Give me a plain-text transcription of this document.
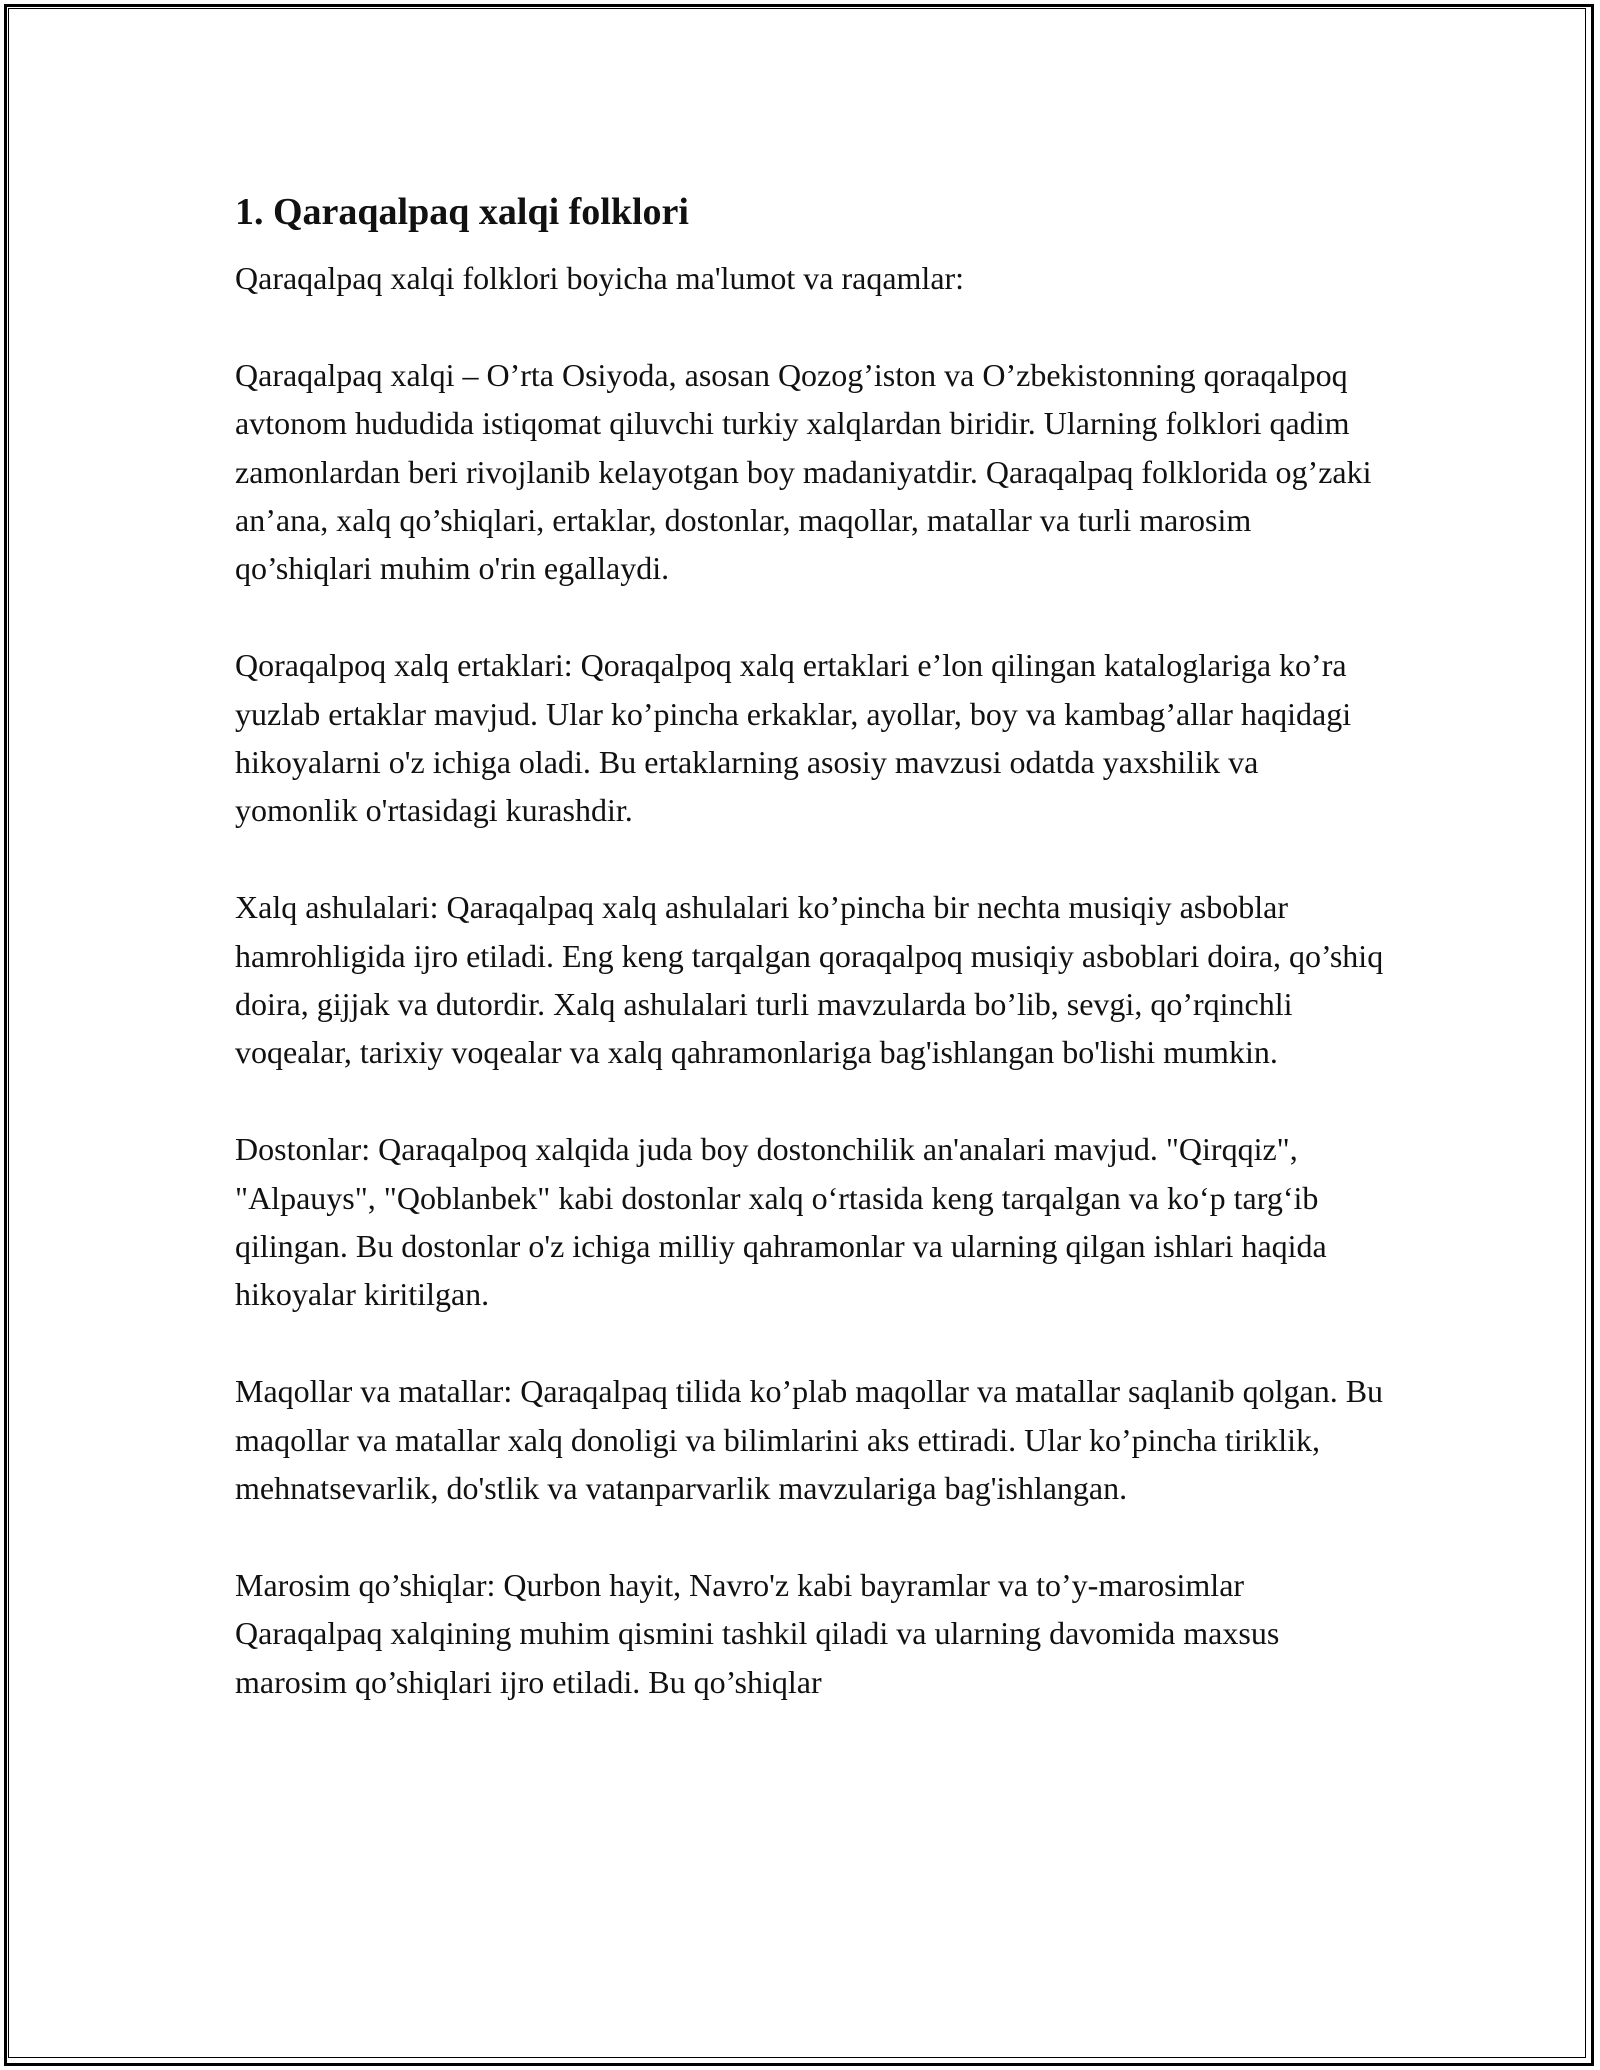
1. Qaraqalpaq xalqi folklori

Qaraqalpaq xalqi folklori boyicha ma'lumot va raqamlar:

Qaraqalpaq xalqi – O’rta Osiyoda, asosan Qozog’iston va O’zbekistonning qoraqalpoq avtonom hududida istiqomat qiluvchi turkiy xalqlardan biridir. Ularning folklori qadim zamonlardan beri rivojlanib kelayotgan boy madaniyatdir. Qaraqalpaq folklorida og’zaki an’ana, xalq qo’shiqlari, ertaklar, dostonlar, maqollar, matallar va turli marosim qo’shiqlari muhim o'rin egallaydi.

Qoraqalpoq xalq ertaklari: Qoraqalpoq xalq ertaklari e’lon qilingan kataloglariga ko’ra yuzlab ertaklar mavjud. Ular ko’pincha erkaklar, ayollar, boy va kambag’allar haqidagi hikoyalarni o'z ichiga oladi. Bu ertaklarning asosiy mavzusi odatda yaxshilik va yomonlik o'rtasidagi kurashdir.

Xalq ashulalari: Qaraqalpaq xalq ashulalari ko’pincha bir nechta musiqiy asboblar hamrohligida ijro etiladi. Eng keng tarqalgan qoraqalpoq musiqiy asboblari doira, qo’shiq doira, gijjak va dutordir. Xalq ashulalari turli mavzularda bo’lib, sevgi, qo’rqinchli voqealar, tarixiy voqealar va xalq qahramonlariga bag'ishlangan bo'lishi mumkin.

Dostonlar: Qaraqalpoq xalqida juda boy dostonchilik an'analari mavjud. "Qirqqiz", "Alpauys", "Qoblanbek" kabi dostonlar xalq o‘rtasida keng tarqalgan va ko‘p targ‘ib qilingan. Bu dostonlar o'z ichiga milliy qahramonlar va ularning qilgan ishlari haqida hikoyalar kiritilgan.

Maqollar va matallar: Qaraqalpaq tilida ko’plab maqollar va matallar saqlanib qolgan. Bu maqollar va matallar xalq donoligi va bilimlarini aks ettiradi. Ular ko’pincha tiriklik, mehnatsevarlik, do'stlik va vatanparvarlik mavzulariga bag'ishlangan.

Marosim qo’shiqlar: Qurbon hayit, Navro'z kabi bayramlar va to’y-marosimlar Qaraqalpaq xalqining muhim qismini tashkil qiladi va ularning davomida maxsus marosim qo’shiqlari ijro etiladi. Bu qo’shiqlar
